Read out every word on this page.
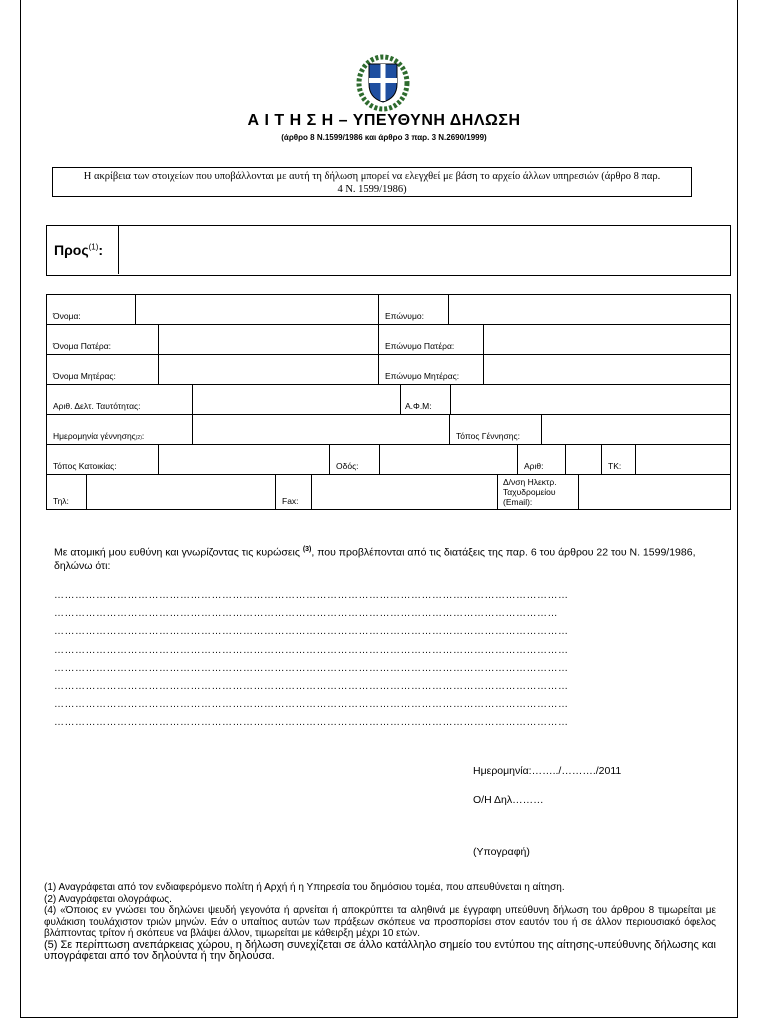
Α Ι Τ Η Σ Η – ΥΠΕΥΘΥΝΗ ΔΗΛΩΣΗ
(άρθρο 8 Ν.1599/1986 και άρθρο 3 παρ. 3 Ν.2690/1999)
Η ακρίβεια των στοιχείων που υποβάλλονται με αυτή τη δήλωση μπορεί να ελεγχθεί με βάση το αρχείο άλλων υπηρεσιών (άρθρο 8 παρ. 4 Ν. 1599/1986)
Προς$^{(1)}$:
Όνομα:	Επώνυμο:
Όνομα Πατέρα:	Επώνυμο Πατέρα:
Όνομα Μητέρας:	Επώνυμο Μητέρας:
Αριθ. Δελτ. Ταυτότητας:	Α.Φ.Μ:
Ημερομηνία γέννησης$_{(2)}$ :	Τόπος Γέννησης:
Τόπος Κατοικίας:	Οδός:	Αριθ:	ΤΚ:
Τηλ:	Fax:
Δ/νση Ηλεκτρ.
Ταχυδρομείου
(Email):
Με ατομική μου ευθύνη και γνωρίζοντας τις κυρώσεις $^{(3)}$, που προβλέπονται από τις διατάξεις της παρ. 6 του άρθρου 22 του Ν. 1599/1986, δηλώνω ότι:
…………………………………………………………………………………………………………………………………
………………………………………………………………………………………………………………………………
…………………………………………………………………………………………………………………………………
…………………………………………………………………………………………………………………………………
…………………………………………………………………………………………………………………………………
…………………………………………………………………………………………………………………………………
…………………………………………………………………………………………………………………………………
…………………………………………………………………………………………………………………………………
Ημερομηνία:……../………./2011
Ο/Η Δηλ………
(Υπογραφή)

(1) Αναγράφεται από τον ενδιαφερόμενο πολίτη ή Αρχή ή η Υπηρεσία του δημόσιου τομέα, που απευθύνεται η αίτηση.

(2) Αναγράφεται ολογράφως.

(4) «Όποιος εν γνώσει του δηλώνει ψευδή γεγονότα ή αρνείται ή αποκρύπτει τα αληθινά με έγγραφη υπεύθυνη δήλωση του άρθρου 8 τιμωρείται με φυλάκιση τουλάχιστον τριών μηνών. Εάν ο υπαίτιος αυτών των πράξεων σκόπευε να προσπορίσει στον εαυτόν του ή σε άλλον περιουσιακό όφελος βλάπτοντας τρίτον ή σκόπευε να βλάψει άλλον, τιμωρείται με κάθειρξη μέχρι 10 ετών.

(5) Σε περίπτωση ανεπάρκειας χώρου, η δήλωση συνεχίζεται σε άλλο κατάλληλο σημείο του εντύπου της αίτησης-υπεύθυνης δήλωσης και υπογράφεται από τον δηλούντα ή την δηλούσα.
